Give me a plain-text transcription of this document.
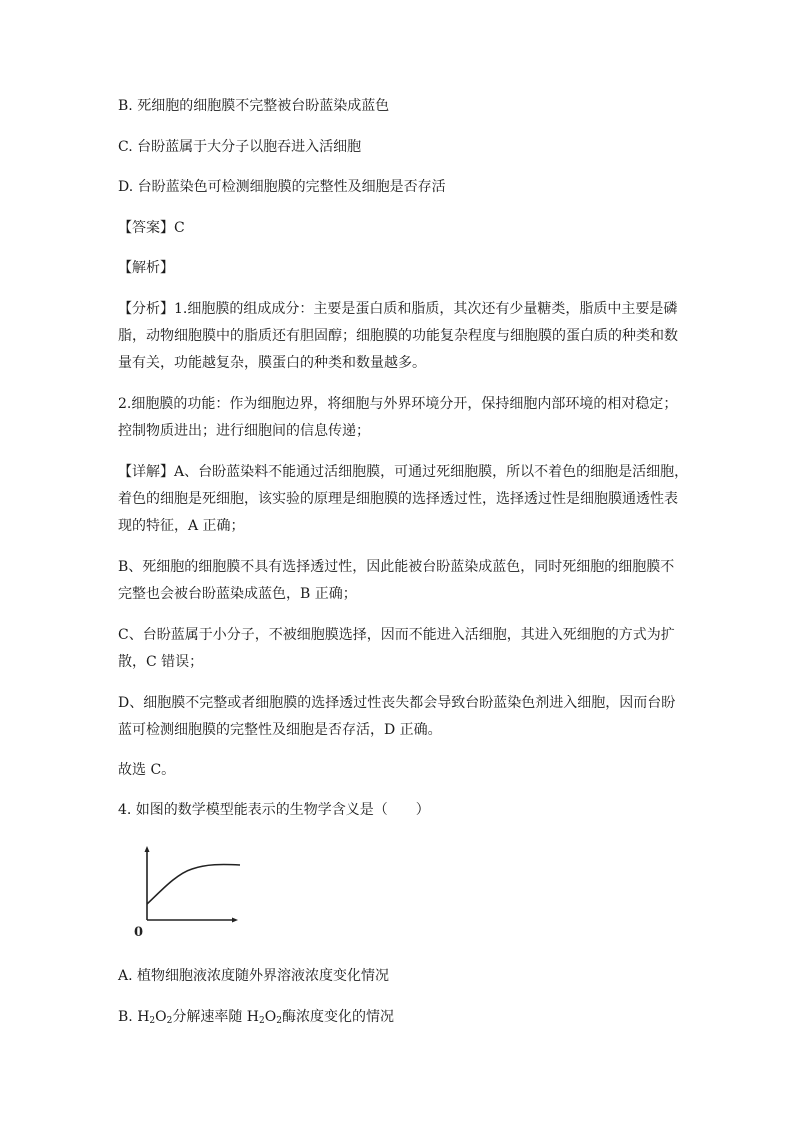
B. 死细胞的细胞膜不完整被台盼蓝染成蓝色
C. 台盼蓝属于大分子以胞吞进入活细胞
D. 台盼蓝染色可检测细胞膜的完整性及细胞是否存活
【答案】C
【解析】
【分析】1.细胞膜的组成成分：主要是蛋白质和脂质，其次还有少量糖类，脂质中主要是磷
脂，动物细胞膜中的脂质还有胆固醇；细胞膜的功能复杂程度与细胞膜的蛋白质的种类和数
量有关，功能越复杂，膜蛋白的种类和数量越多。
2.细胞膜的功能：作为细胞边界，将细胞与外界环境分开，保持细胞内部环境的相对稳定；
控制物质进出；进行细胞间的信息传递；
【详解】A、台盼蓝染料不能通过活细胞膜，可通过死细胞膜，所以不着色的细胞是活细胞，
着色的细胞是死细胞，该实验的原理是细胞膜的选择透过性，选择透过性是细胞膜通透性表
现的特征，A 正确；
B、死细胞的细胞膜不具有选择透过性，因此能被台盼蓝染成蓝色，同时死细胞的细胞膜不
完整也会被台盼蓝染成蓝色，B 正确；
C、台盼蓝属于小分子，不被细胞膜选择，因而不能进入活细胞，其进入死细胞的方式为扩
散，C 错误；
D、细胞膜不完整或者细胞膜的选择透过性丧失都会导致台盼蓝染色剂进入细胞，因而台盼
蓝可检测细胞膜的完整性及细胞是否存活，D 正确。
故选 C。
4. 如图的数学模型能表示的生物学含义是（　　）
0
A. 植物细胞液浓度随外界溶液浓度变化情况
B. $H_2O_2$分解速率随 $H_2O_2$酶浓度变化的情况
